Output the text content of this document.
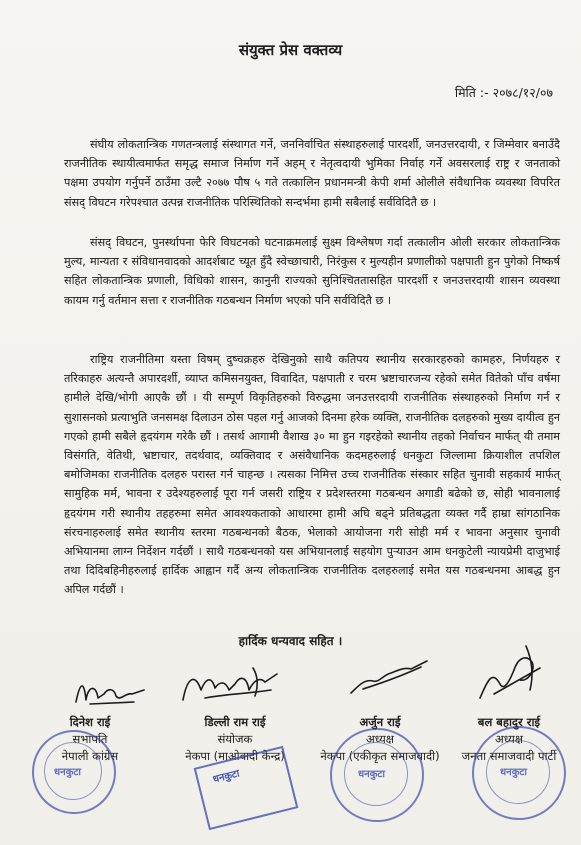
संयुक्त प्रेस वक्तव्य
मिति :- २०७८/१२/०७

संघीय लोकतान्त्रिक गणतन्त्रलाई संस्थागत गर्ने, जननिर्वाचित संस्थाहरुलाई पारदर्शी, जनउत्तरदायी, र जिम्मेवार बनाउँदै राजनीतिक स्थायीत्वमार्फत समृद्ध समाज निर्माण गर्ने अहम् र नेतृत्वदायी भुमिका निर्वाह गर्ने अवसरलाई राष्ट्र र जनताको पक्षमा उपयोग गर्नुपर्ने ठाउँमा उल्टै २०७७ पौष ५ गते तत्कालिन प्रधानमन्त्री केपी शर्मा ओलीले संवैधानिक व्यवस्था विपरित संसद् विघटन गरेपश्चात उत्पन्न राजनीतिक परिस्थितिको सन्दर्भमा हामी सबैलाई सर्वविदितै छ ।

संसद् विघटन, पुनर्स्थापना फेरि विघटनको घटनाक्रमलाई सुक्ष्म विश्लेषण गर्दा तत्कालीन ओली सरकार लोकतान्त्रिक मुल्य, मान्यता र संविधानवादको आदर्शबाट च्यूत हुँदै स्वेच्छाचारी, निरंकुस र मुल्यहीन प्रणालीको पक्षपाती हुन पुगेको निष्कर्ष सहित लोकतान्त्रिक प्रणाली, विधिको शासन, कानुनी राज्यको सुनिश्चिततासहित पारदर्शी र जनउत्तरदायी शासन व्यवस्था कायम गर्नु वर्तमान सत्ता र राजनीतिक गठबन्धन निर्माण भएको पनि सर्वविदितै छ ।

राष्ट्रिय राजनीतिमा यस्ता विषम् दुष्चक्रहरु देखिनुको साथै कतिपय स्थानीय सरकारहरुको कामहरु, निर्णयहरु र तरिकाहरु अत्यन्तै अपारदर्शी, व्याप्त कमिसनयुक्त, विवादित, पक्षपाती र चरम भ्रष्टाचारजन्य रहेको समेत वितेको पाँच वर्षमा हामीले देखि/भोगी आएकै छौं । यी सम्पूर्ण विकृतिहरुको विरुद्धमा जनउत्तरदायी राजनीतिक संस्थाहरुको निर्माण गर्न र सुशासनको प्रत्याभुति जनसमक्ष दिलाउन ठोस पहल गर्नु आजको दिनमा हरेक व्यक्ति, राजनीतिक दलहरुको मुख्य दायीत्व हुन गएको हामी सबैले हृदयंगम गरेकै छौं । तसर्थ आगामी वैशाख ३० मा हुन गइरहेको स्थानीय तहको निर्वाचन मार्फत् यी तमाम विसंगति, वेतिथी, भ्रष्टाचार, तदर्थवाद, व्यक्तिवाद र असंवैधानिक कदमहरुलाई धनकुटा जिल्लामा क्रियाशील तपशिल बमोजिमका राजनीतिक दलहरु परास्त गर्न चाहन्छ । त्यसका निमित्त उच्च राजनीतिक संस्कार सहित चुनावी सहकार्य मार्फत् सामुहिक मर्म, भावना र उदेश्यहरुलाई पूरा गर्न जसरी राष्ट्रिय र प्रदेशस्तरमा गठबन्धन अगाडी बढेको छ, सोही भावनालाई हृदयंगम गरी स्थानीय तहहरुमा समेत आवश्यकताको आधारमा हामी अघि बढ्ने प्रतिबद्धता व्यक्त गर्दै हाम्रा सांगठानिक संरचनाहरुलाई समेत स्थानीय स्तरमा गठबन्धनको बैठक, भेलाको आयोजना गरी सोही मर्म र भावना अनुसार चुनावी अभियानमा लाग्न निर्देशन गर्दछौं । साथै गठबन्धनको यस अभियानलाई सहयोग पुऱ्याउन आम धनकुटेली न्यायप्रेमी दाजुभाई तथा दिदिबहिनीहरुलाई हार्दिक आह्वान गर्दै अन्य लोकतान्त्रिक राजनीतिक दलहरुलाई समेत यस गठबन्धनमा आबद्ध हुन अपिल गर्दछौं ।

हार्दिक धन्यवाद सहित ।
दिनेश राई
सभापति
नेपाली कांग्रेस
डिल्ली राम राई
संयोजक
नेकपा (माओवादी केन्द्र)
अर्जुन राई
अध्यक्ष
नेकपा (एकीकृत समाजवादी)
बल बहादुर राई
अध्यक्ष
जनता समाजवादी पार्टी
धनकुटा	धनकुटा	धनकुटा	धनकुटा
